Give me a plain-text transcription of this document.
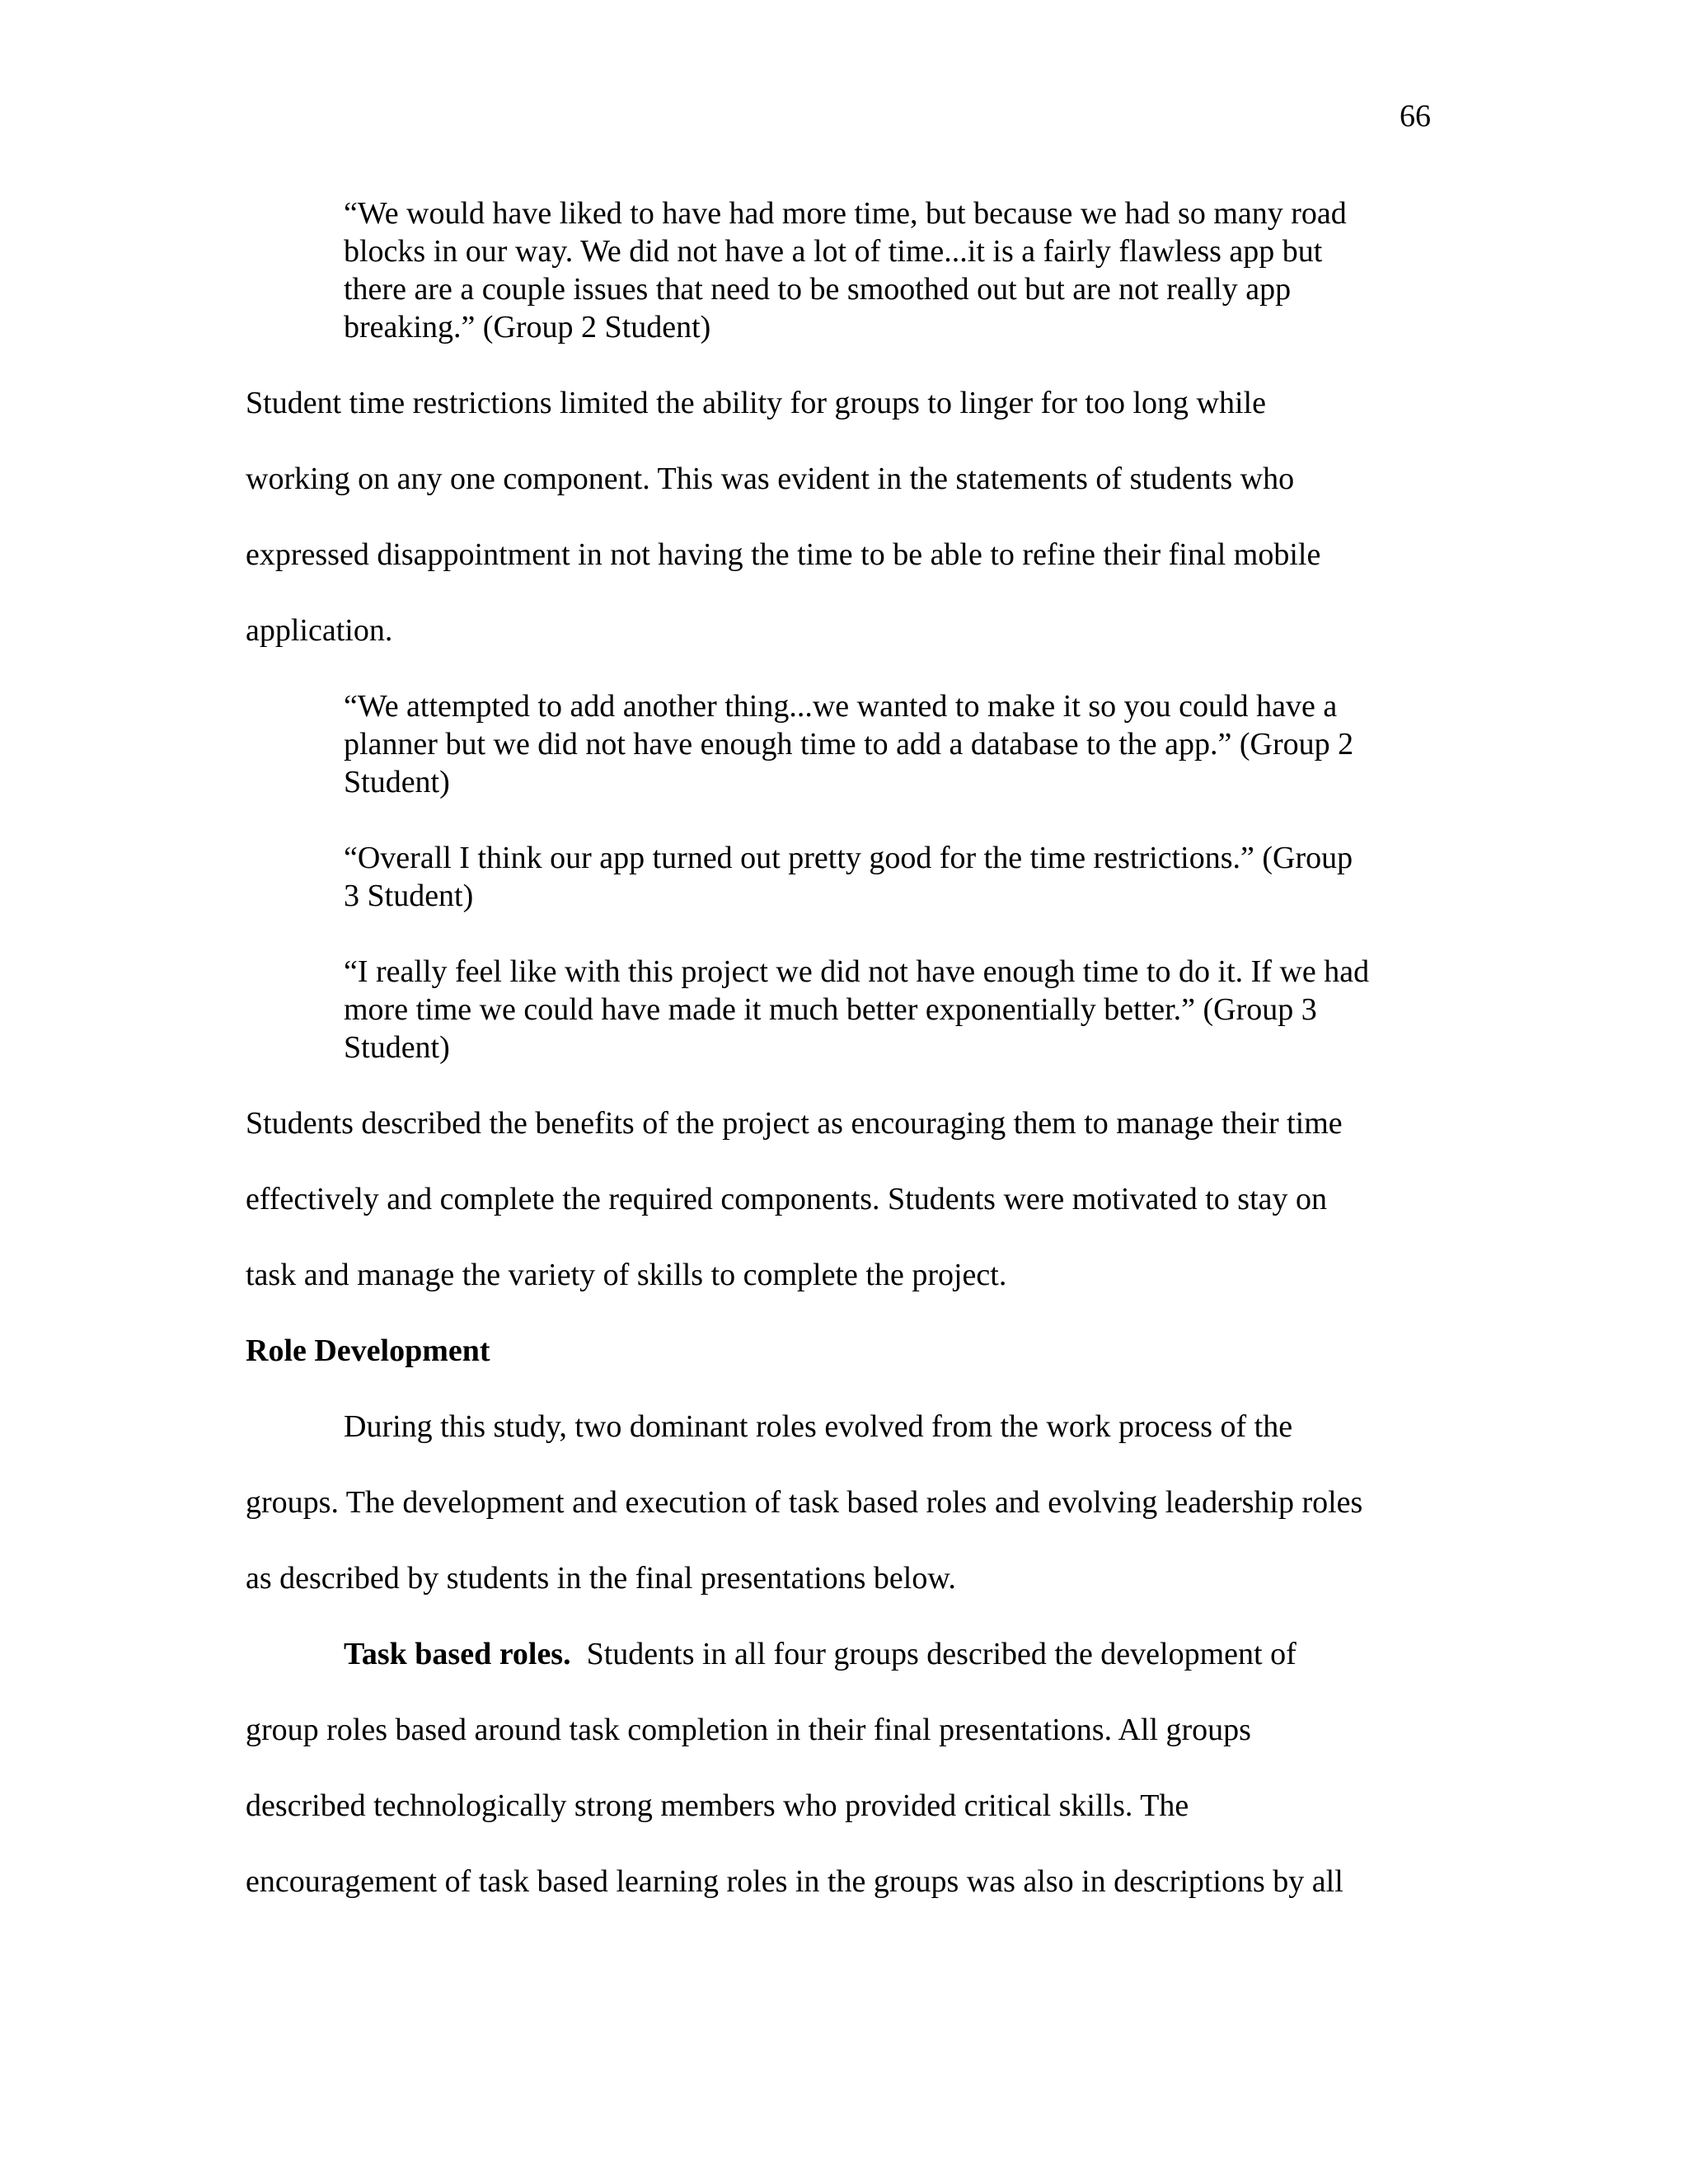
66
“We would have liked to have had more time, but because we had so many road
blocks in our way. We did not have a lot of time...it is a fairly flawless app but
there are a couple issues that need to be smoothed out but are not really app
breaking.” (Group 2 Student)
Student time restrictions limited the ability for groups to linger for too long while
working on any one component. This was evident in the statements of students who
expressed disappointment in not having the time to be able to refine their final mobile
application.
“We attempted to add another thing...we wanted to make it so you could have a
planner but we did not have enough time to add a database to the app.” (Group 2
Student)
“Overall I think our app turned out pretty good for the time restrictions.” (Group
3 Student)
“I really feel like with this project we did not have enough time to do it. If we had
more time we could have made it much better exponentially better.” (Group 3
Student)
Students described the benefits of the project as encouraging them to manage their time
effectively and complete the required components. Students were motivated to stay on
task and manage the variety of skills to complete the project.
Role Development
During this study, two dominant roles evolved from the work process of the
groups. The development and execution of task based roles and evolving leadership roles
as described by students in the final presentations below.
Task based roles.  Students in all four groups described the development of
group roles based around task completion in their final presentations. All groups
described technologically strong members who provided critical skills. The
encouragement of task based learning roles in the groups was also in descriptions by all
